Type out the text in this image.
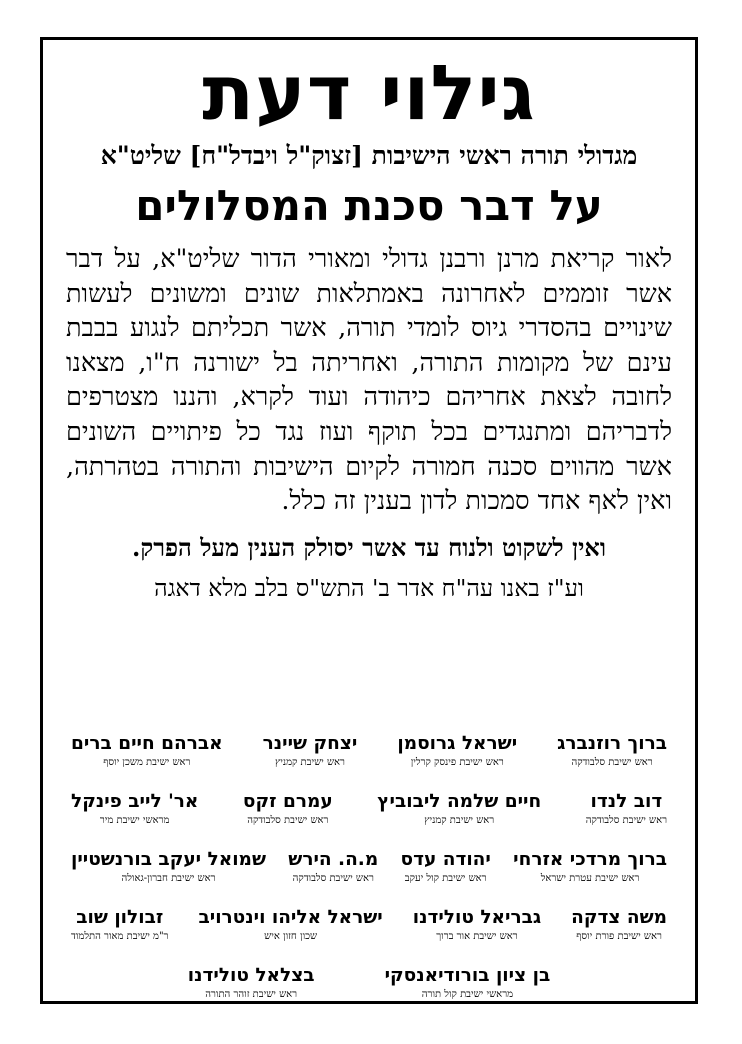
גילוי דעת
מגדולי תורה ראשי הישיבות [זצוק"ל ויבדל"ח] שליט"א
על דבר סכנת המסלולים
לאור קריאת מרנן ורבנן גדולי ומאורי הדור שליט"א, על דבר אשר זוממים לאחרונה באמתלאות שונים ומשונים לעשות שינויים בהסדרי גיוס לומדי תורה, אשר תכליתם לנגוע בבבת עינם של מקומות התורה, ואחריתה בל ישורנה ח"ו, מצאנו לחובה לצאת אחריהם כיהודה ועוד לקרא, והננו מצטרפים לדבריהם ומתנגדים בכל תוקף ועוז נגד כל פיתויים השונים אשר מהווים סכנה חמורה לקיום הישיבות והתורה בטהרתה, ואין לאף אחד סמכות לדון בענין זה כלל.
ואין לשקוט ולנוח עד אשר יסולק הענין מעל הפרק.
וע"ז באנו עה"ח אדר ב' התש"ס בלב מלא דאגה
ברוך רוזנברג
ראש ישיבת סלבודקה
ישראל גרוסמן
ראש ישיבת פינסק קרלין
יצחק שיינר
ראש ישיבת קמניץ
אברהם חיים ברים
ראש ישיבת משכן יוסף
דוב לנדו
ראש ישיבת סלבודקה
חיים שלמה ליבוביץ
ראש ישיבת קמניץ
עמרם זקס
ראש ישיבת סלבודקה
אר' לייב פינקל
מראשי ישיבת מיר
ברוך מרדכי אזרחי
ראש ישיבת עטרת ישראל
יהודה עדס
ראש ישיבת קול יעקב
מ.ה. הירש
ראש ישיבת סלבודקה
שמואל יעקב בורנשטיין
ראש ישיבת חברון-גאולה
משה צדקה
ראש ישיבת פורת יוסף
גבריאל טולידנו
ראש ישיבת אור ברוך
ישראל אליהו וינטרויב
שכון חזון איש
זבולון שוב
ר"מ ישיבת מאור התלמוד
בן ציון בורודיאנסקי
מראשי ישיבת קול תורה
בצלאל טולידנו
ראש ישיבת זוהר התורה
